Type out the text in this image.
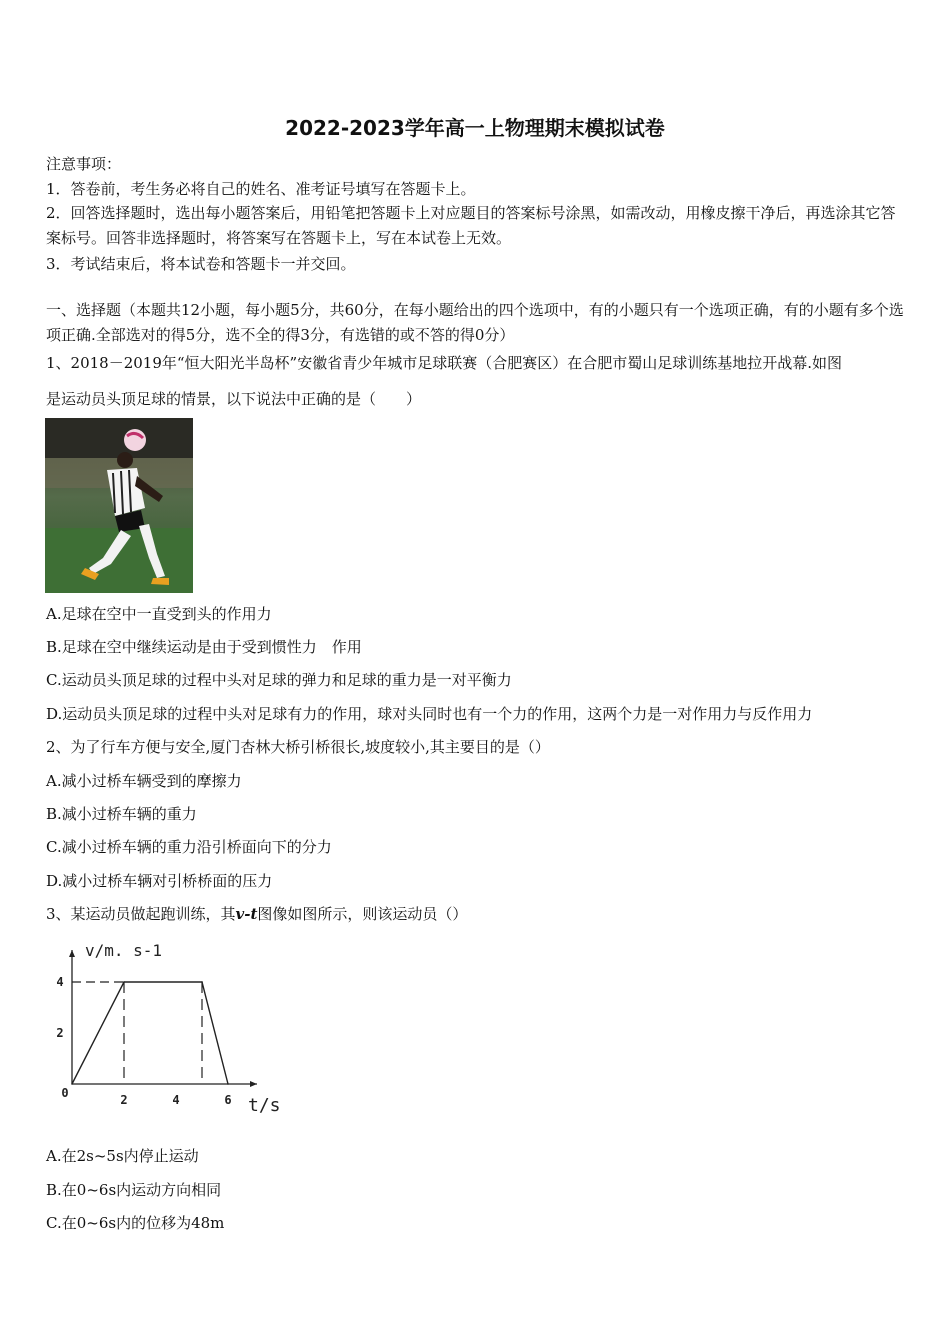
2022-2023学年高一上物理期末模拟试卷
注意事项：
1．答卷前，考生务必将自己的姓名、准考证号填写在答题卡上。
2．回答选择题时，选出每小题答案后，用铅笔把答题卡上对应题目的答案标号涂黑，如需改动，用橡皮擦干净后，再选涂其它答案标号。回答非选择题时，将答案写在答题卡上，写在本试卷上无效。
3．考试结束后，将本试卷和答题卡一并交回。
一、选择题（本题共12小题，每小题5分，共60分，在每小题给出的四个选项中，有的小题只有一个选项正确，有的小题有多个选项正确.全部选对的得5分，选不全的得3分，有选错的或不答的得0分）
1、2018－2019年“恒大阳光半岛杯”安徽省青少年城市足球联赛（合肥赛区）在合肥市蜀山足球训练基地拉开战幕.如图
是运动员头顶足球的情景，以下说法中正确的是（　　）
A.足球在空中一直受到头的作用力
B.足球在空中继续运动是由于受到惯性力　作用
C.运动员头顶足球的过程中头对足球的弹力和足球的重力是一对平衡力
D.运动员头顶足球的过程中头对足球有力的作用，球对头同时也有一个力的作用，这两个力是一对作用力与反作用力
2、为了行车方便与安全,厦门杏林大桥引桥很长,坡度较小,其主要目的是（）
A.减小过桥车辆受到的摩擦力
B.减小过桥车辆的重力
C.减小过桥车辆的重力沿引桥面向下的分力
D.减小过桥车辆对引桥桥面的压力
3、某运动员做起跑训练，其v-t图像如图所示，则该运动员（）
v/m. s-1
t/s
0	2	4	6
2
4
A.在2s~5s内停止运动
B.在0~6s内运动方向相同
C.在0~6s内的位移为48m
